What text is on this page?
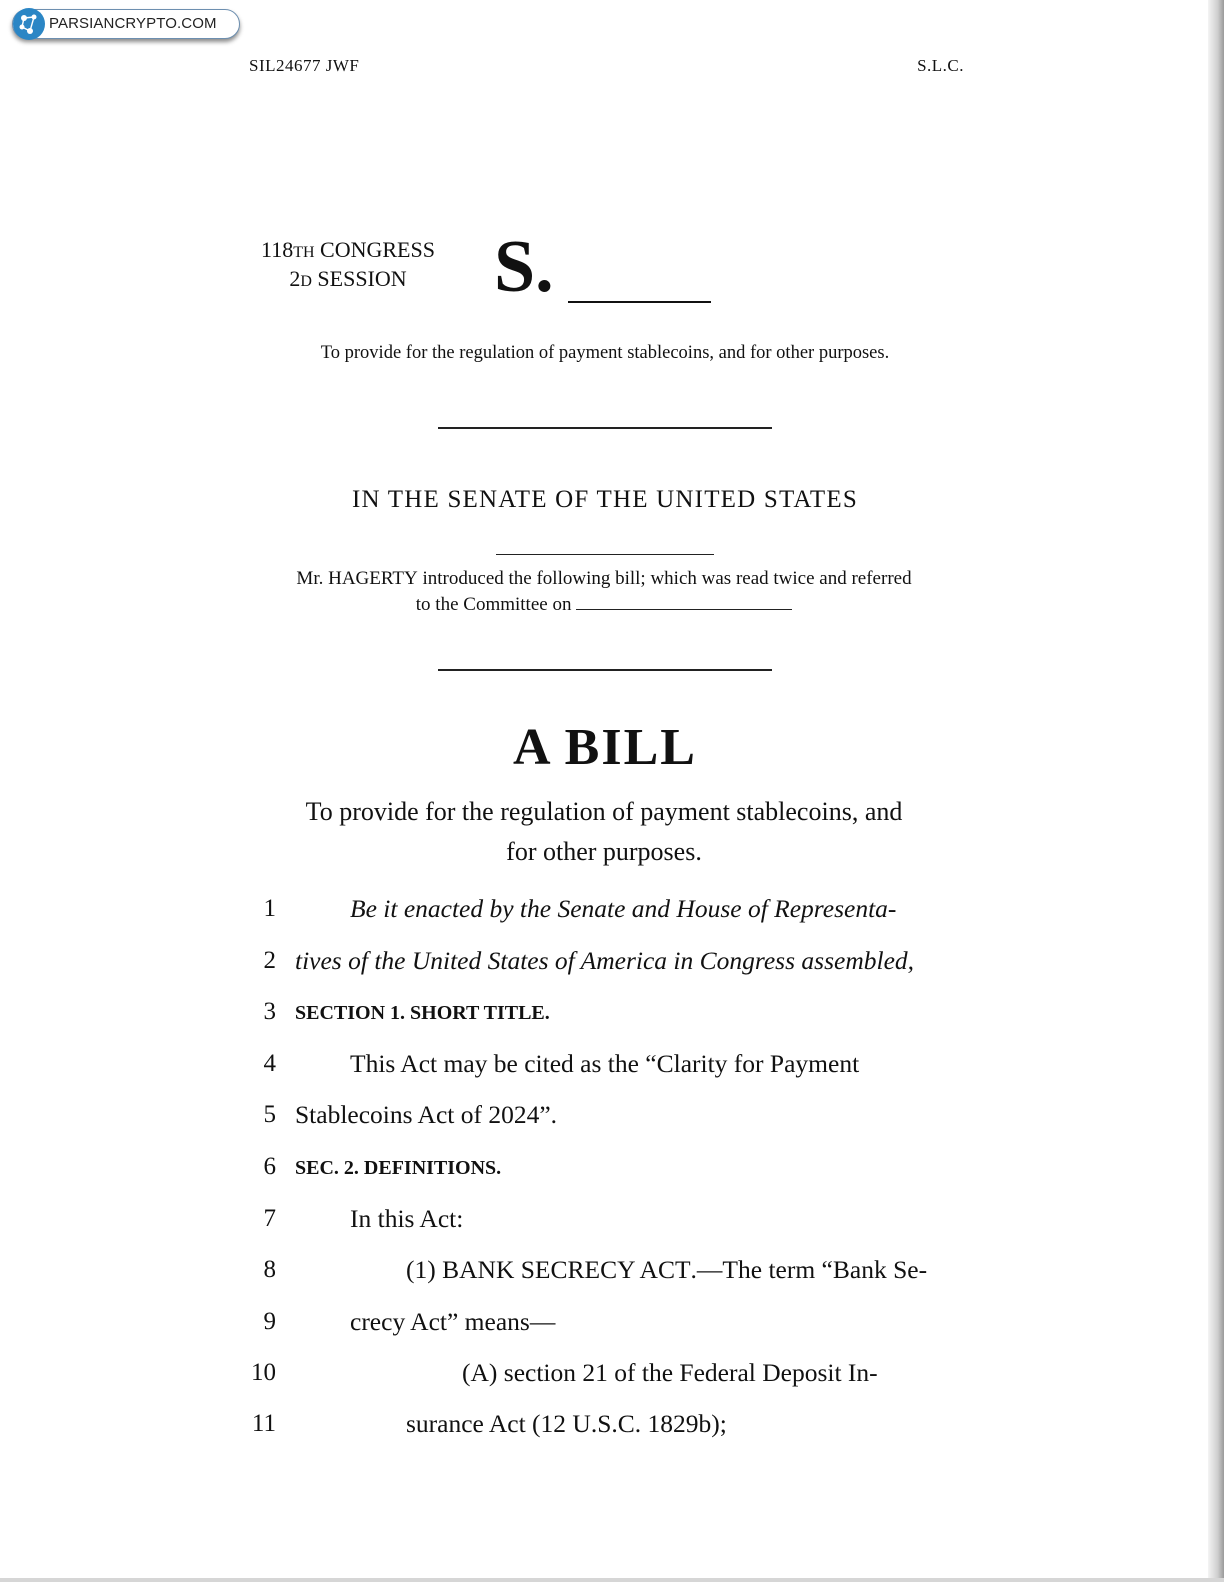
PARSIANCRYPTO.COM
SIL24677 JWF	S.L.C.
118TH CONGRESS
2D SESSION	S.
To provide for the regulation of payment stablecoins, and for other purposes.
IN THE SENATE OF THE UNITED STATES
Mr. HAGERTY introduced the following bill; which was read twice and referred
to the Committee on
A BILL
To provide for the regulation of payment stablecoins, and
for other purposes.
1	Be it enacted by the Senate and House of Representa-
2 tives of the United States of America in Congress assembled,
3 SECTION 1. SHORT TITLE.
4	This Act may be cited as the “Clarity for Payment
5 Stablecoins Act of 2024”.
6 SEC. 2. DEFINITIONS.
7	In this Act:
8	(1) BANK SECRECY ACT.—The term “Bank Se-
9	crecy Act” means—
10	(A) section 21 of the Federal Deposit In-
11	surance Act (12 U.S.C. 1829b);
